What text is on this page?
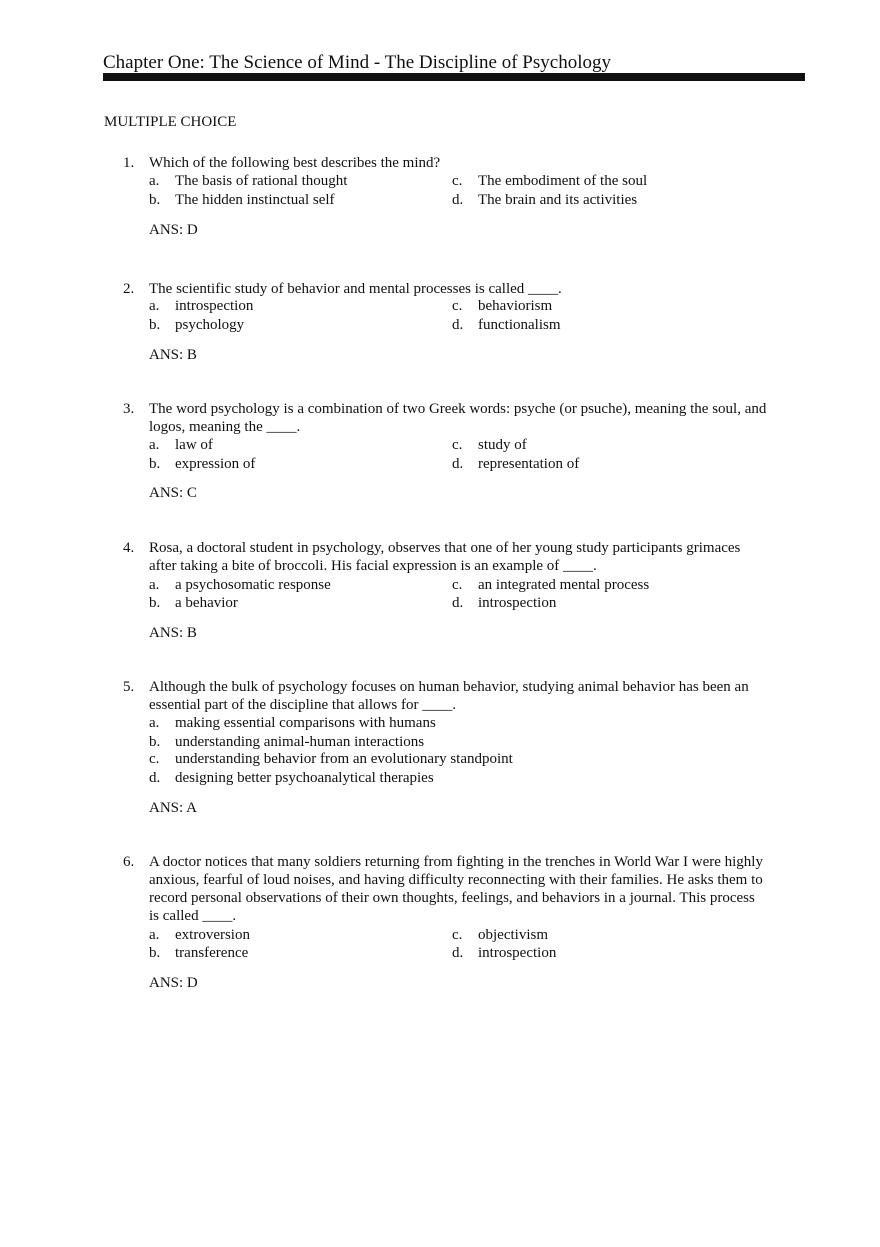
Chapter One: The Science of Mind - The Discipline of Psychology
MULTIPLE CHOICE
1. Which of the following best describes the mind?
a. The basis of rational thought
b. The hidden instinctual self
c. The embodiment of the soul
d. The brain and its activities
ANS: D
2. The scientific study of behavior and mental processes is called ____.
a. introspection
b. psychology
c. behaviorism
d. functionalism
ANS: B
3. The word psychology is a combination of two Greek words: psyche (or psuche), meaning the soul, and
logos, meaning the ____.
a. law of
b. expression of
c. study of
d. representation of
ANS: C
4. Rosa, a doctoral student in psychology, observes that one of her young study participants grimaces
after taking a bite of broccoli. His facial expression is an example of ____.
a. a psychosomatic response
b. a behavior
c. an integrated mental process
d. introspection
ANS: B
5. Although the bulk of psychology focuses on human behavior, studying animal behavior has been an
essential part of the discipline that allows for ____.
a. making essential comparisons with humans
b. understanding animal-human interactions
c. understanding behavior from an evolutionary standpoint
d. designing better psychoanalytical therapies
ANS: A
6. A doctor notices that many soldiers returning from fighting in the trenches in World War I were highly
anxious, fearful of loud noises, and having difficulty reconnecting with their families. He asks them to
record personal observations of their own thoughts, feelings, and behaviors in a journal. This process
is called ____.
a. extroversion
b. transference
c. objectivism
d. introspection
ANS: D
